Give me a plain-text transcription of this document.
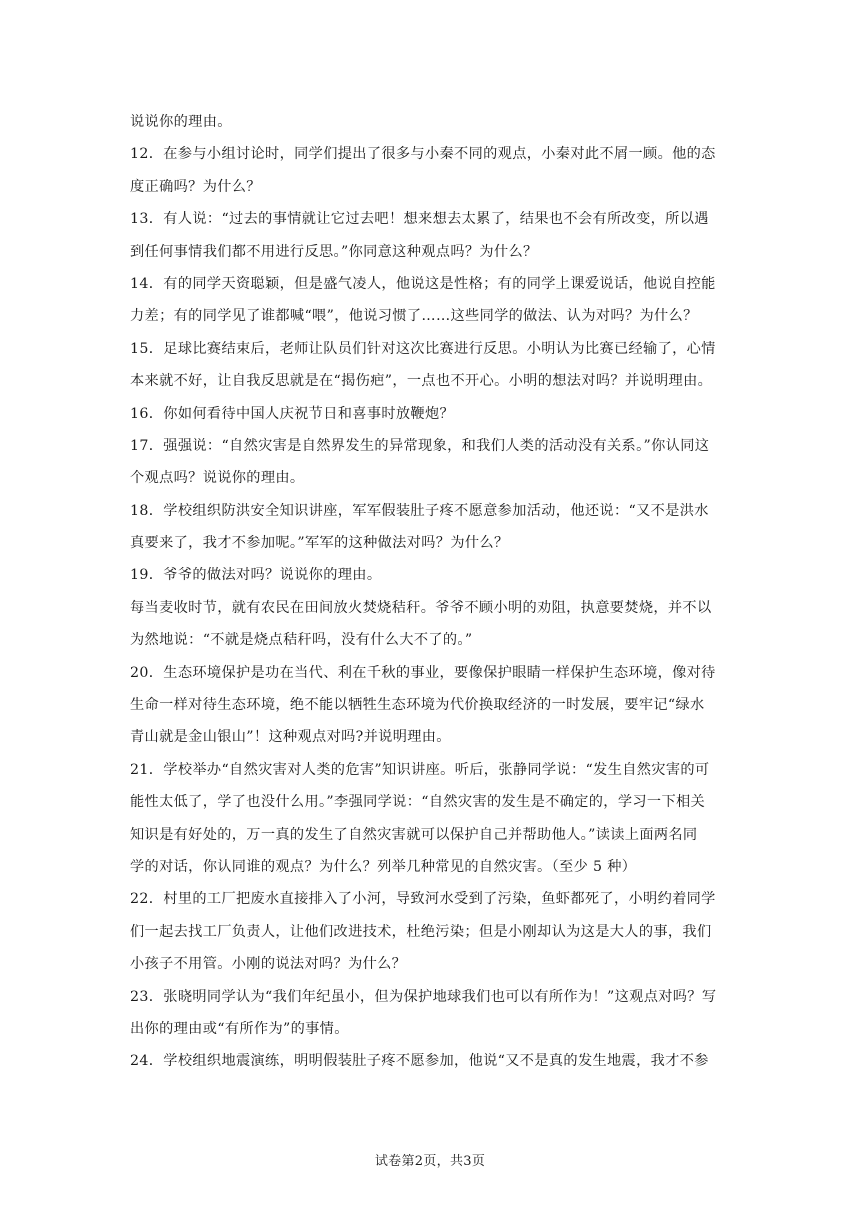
说说你的理由。
12．在参与小组讨论时，同学们提出了很多与小秦不同的观点，小秦对此不屑一顾。他的态
度正确吗？为什么？
13．有人说：“过去的事情就让它过去吧！想来想去太累了，结果也不会有所改变，所以遇
到任何事情我们都不用进行反思。”你同意这种观点吗？为什么？
14．有的同学天资聪颖，但是盛气凌人，他说这是性格；有的同学上课爱说话，他说自控能
力差；有的同学见了谁都喊“喂”，他说习惯了……这些同学的做法、认为对吗？为什么？
15．足球比赛结束后，老师让队员们针对这次比赛进行反思。小明认为比赛已经输了，心情
本来就不好，让自我反思就是在“揭伤疤”，一点也不开心。小明的想法对吗？并说明理由。
16．你如何看待中国人庆祝节日和喜事时放鞭炮？
17．强强说：“自然灾害是自然界发生的异常现象，和我们人类的活动没有关系。”你认同这
个观点吗？说说你的理由。
18．学校组织防洪安全知识讲座，军军假装肚子疼不愿意参加活动，他还说：“又不是洪水
真要来了，我才不参加呢。”军军的这种做法对吗？为什么？
19．爷爷的做法对吗？说说你的理由。
每当麦收时节，就有农民在田间放火焚烧秸秆。爷爷不顾小明的劝阻，执意要焚烧，并不以
为然地说：“不就是烧点秸秆吗，没有什么大不了的。”
20．生态环境保护是功在当代、利在千秋的事业，要像保护眼睛一样保护生态环境，像对待
生命一样对待生态环境，绝不能以牺牲生态环境为代价换取经济的一时发展，要牢记“绿水
青山就是金山银山”！这种观点对吗?并说明理由。
21．学校举办“自然灾害对人类的危害”知识讲座。听后，张静同学说：“发生自然灾害的可
能性太低了，学了也没什么用。”李强同学说：“自然灾害的发生是不确定的，学习一下相关
知识是有好处的，万一真的发生了自然灾害就可以保护自己并帮助他人。”读读上面两名同
学的对话，你认同谁的观点？为什么？列举几种常见的自然灾害。（至少 5 种）
22．村里的工厂把废水直接排入了小河，导致河水受到了污染，鱼虾都死了，小明约着同学
们一起去找工厂负责人，让他们改进技术，杜绝污染；但是小刚却认为这是大人的事，我们
小孩子不用管。小刚的说法对吗？为什么？
23．张晓明同学认为“我们年纪虽小，但为保护地球我们也可以有所作为！”这观点对吗？写
出你的理由或“有所作为”的事情。
24．学校组织地震演练，明明假装肚子疼不愿参加，他说“又不是真的发生地震，我才不参
试卷第2页，共3页
